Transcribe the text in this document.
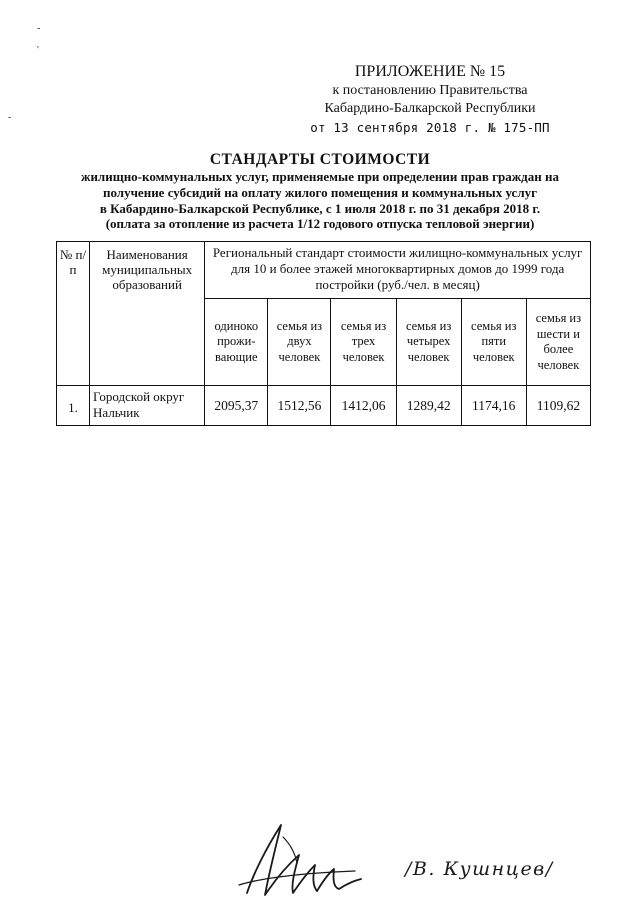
-
'
-
ПРИЛОЖЕНИЕ № 15
к постановлению Правительства
Кабардино-Балкарской Республики
от 13 сентября 2018 г. № 175-ПП
СТАНДАРТЫ СТОИМОСТИ
жилищно-коммунальных услуг, применяемые при определении прав граждан на
получение субсидий на оплату жилого помещения и коммунальных услуг
в Кабардино-Балкарской Республике, с 1 июля 2018 г. по 31 декабря 2018 г.
(оплата за отопление из расчета 1/12 годового отпуска тепловой энергии)
№ п/п	Наименования муниципальных образований	Региональный стандарт стоимости жилищно-коммунальных услуг для 10 и более этажей многоквартирных домов до 1999 года постройки (руб./чел. в месяц)					
		одиноко прожи-вающие	семья из двух человек	семья из трех человек	семья из четырех человек	семья из пяти человек	семья из шести и более человек
1.	Городской округ Нальчик	2095,37	1512,56	1412,06	1289,42	1174,16	1109,62
/В. Кушнцев/
